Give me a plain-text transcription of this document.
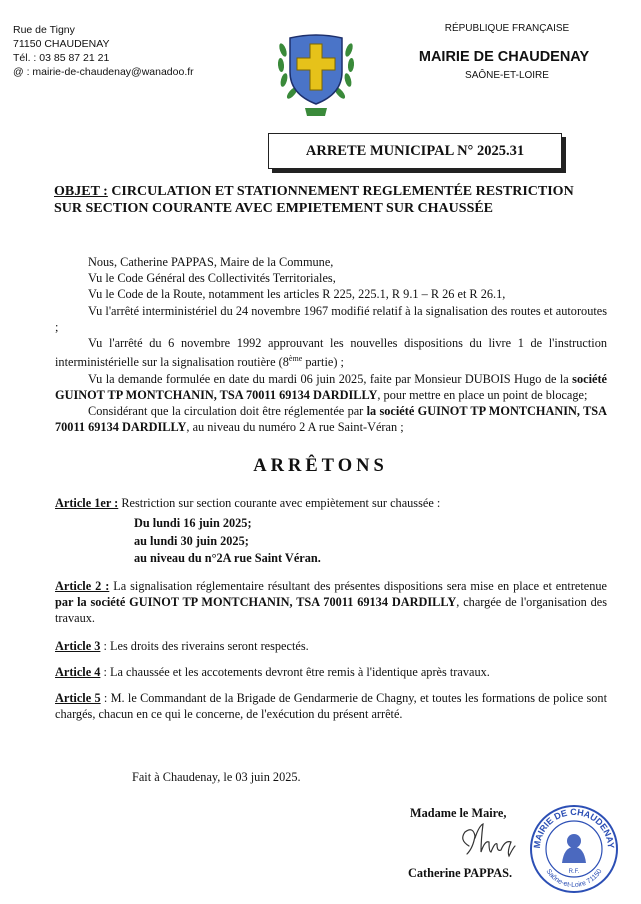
Rue de Tigny
71150 CHAUDENAY
Tél. : 03 85 87 21 21
@ : mairie-de-chaudenay@wanadoo.fr
RÉPUBLIQUE FRANÇAISE
MAIRIE DE CHAUDENAY
SAÔNE-ET-LOIRE
ARRETE MUNICIPAL N° 2025.31
OBJET : CIRCULATION ET STATIONNEMENT REGLEMENTÉE RESTRICTION SUR SECTION COURANTE AVEC EMPIETEMENT SUR CHAUSSÉE

Nous, Catherine PAPPAS, Maire de la Commune,

Vu le Code Général des Collectivités Territoriales,

Vu le Code de la Route, notamment les articles R 225, 225.1, R 9.1 – R 26 et R 26.1,

Vu l'arrêté interministériel du 24 novembre 1967 modifié relatif à la signalisation des routes et autoroutes ;

Vu l'arrêté du 6 novembre 1992 approuvant les nouvelles dispositions du livre 1 de l'instruction interministérielle sur la signalisation routière (8ème partie) ;

Vu la demande formulée en date du mardi 06 juin 2025, faite par Monsieur DUBOIS Hugo de la société GUINOT TP MONTCHANIN, TSA 70011 69134 DARDILLY, pour mettre en place un point de blocage;

Considérant que la circulation doit être réglementée par la société GUINOT TP MONTCHANIN, TSA 70011 69134 DARDILLY, au niveau du numéro 2 A rue Saint-Véran ;

ARRÊTONS
Article 1er : Restriction sur section courante avec empiètement sur chaussée :
Du lundi 16 juin 2025;
au lundi 30 juin 2025;
au niveau du n°2A rue Saint Véran.
Article 2 : La signalisation réglementaire résultant des présentes dispositions sera mise en place et entretenue par la société GUINOT TP MONTCHANIN, TSA 70011 69134 DARDILLY, chargée de l'organisation des travaux.
Article 3 : Les droits des riverains seront respectés.
Article 4 : La chaussée et les accotements devront être remis à l'identique après travaux.
Article 5 : M. le Commandant de la Brigade de Gendarmerie de Chagny, et toutes les formations de police sont chargés, chacun en ce qui le concerne, de l'exécution du présent arrêté.
Fait à Chaudenay, le 03 juin 2025.
Madame le Maire,
Catherine PAPPAS.
MAIRIE DE CHAUDENAY
Saône-et-Loire 71150
R.F.
